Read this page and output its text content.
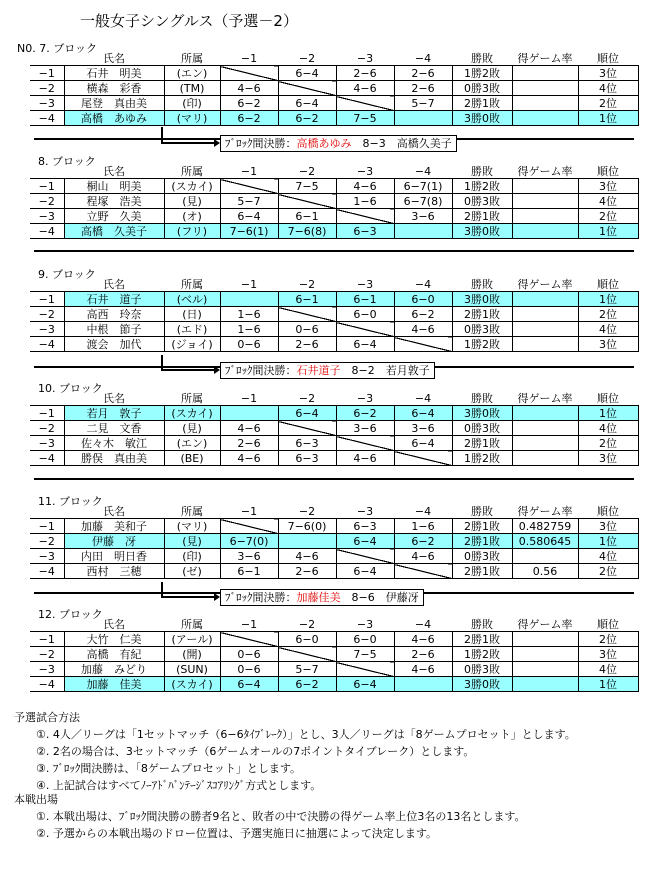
一般女子シングルス（予選－2）
N0. 7. ブロック
	氏名	所属	−1	−2	−3	−4	勝敗	得ゲーム率	順位
−1	石井　明美	(エン)		6−4	2−6	2−6	1勝2敗		3位
−2	横森　彩香	(TM)	4−6		4−6	2−6	0勝3敗		4位
−3	尾登　真由美	(印)	6−2	6−4		5−7	2勝1敗		2位
−4	高橋　あゆみ	(マリ)	6−2	6−2	7−5		3勝0敗		1位
8. ブロック
	氏名	所属	−1	−2	−3	−4	勝敗	得ゲーム率	順位
−1	桐山　明美	(スカイ)		7−5	4−6	6−7(1)	1勝2敗		3位
−2	程塚　浩美	(見)	5−7		1−6	6−7(8)	0勝3敗		4位
−3	立野　久美	(オ)	6−4	6−1		3−6	2勝1敗		2位
−4	高橋　久美子	(フリ)	7−6(1)	7−6(8)	6−3		3勝0敗		1位
9. ブロック
	氏名	所属	−1	−2	−3	−4	勝敗	得ゲーム率	順位
−1	石井　道子	(ベル)		6−1	6−1	6−0	3勝0敗		1位
−2	高西　玲奈	(日)	1−6		6−0	6−2	2勝1敗		2位
−3	中根　節子	(エド)	1−6	0−6		4−6	0勝3敗		4位
−4	渡会　加代	(ジョイ)	0−6	2−6	6−4		1勝2敗		3位
10. ブロック
	氏名	所属	−1	−2	−3	−4	勝敗	得ゲーム率	順位
−1	若月　敦子	(スカイ)		6−4	6−2	6−4	3勝0敗		1位
−2	二見　文香	(見)	4−6		3−6	3−6	0勝3敗		4位
−3	佐々木　敏江	(エン)	2−6	6−3		6−4	2勝1敗		2位
−4	勝俣　真由美	(BE)	4−6	6−3	4−6		1勝2敗		3位
11. ブロック
	氏名	所属	−1	−2	−3	−4	勝敗	得ゲーム率	順位
−1	加藤　美和子	(マリ)		7−6(0)	6−3	1−6	2勝1敗	0.482759	3位
−2	伊藤　冴	(見)	6−7(0)		6−4	6−2	2勝1敗	0.580645	1位
−3	内田　明日香	(印)	3−6	4−6		4−6	0勝3敗		4位
−4	西村　三穂	(ゼ)	6−1	2−6	6−4		2勝1敗	0.56	2位
12. ブロック
	氏名	所属	−1	−2	−3	−4	勝敗	得ゲーム率	順位
−1	大竹　仁美	(アール)		6−0	6−0	4−6	2勝1敗		2位
−2	高橋　有紀	(開)	0−6		7−5	2−6	1勝2敗		3位
−3	加藤　みどり	(SUN)	0−6	5−7		4−6	0勝3敗		4位
−4	加藤　佳美	(スカイ)	6−4	6−2	6−4		3勝0敗		1位
ﾌﾞﾛｯｸ間決勝：高橋あゆみ　8−3　高橋久美子
ﾌﾞﾛｯｸ間決勝：石井道子　8−2　若月敦子
ﾌﾞﾛｯｸ間決勝：加藤佳美　8−6　伊藤冴
予選試合方法
①. 4人／リーグは「1セットマッチ（6−6ﾀｲﾌﾞﾚｰｸ）」とし、3人／リーグは「8ゲームプロセット」とします。
②. 2名の場合は、3セットマッチ（6ゲームオールの7ポイントタイブレーク）とします。
③. ﾌﾞﾛｯｸ間決勝は、「8ゲームプロセット」とします。
④. 上記試合はすべてﾉｰｱﾄﾞﾊﾞﾝﾃｰｼﾞｽｺｱﾘﾝｸﾞ方式とします。
本戦出場
①. 本戦出場は、ﾌﾞﾛｯｸ間決勝の勝者9名と、敗者の中で決勝の得ゲーム率上位3名の13名とします。
②. 予選からの本戦出場のドロー位置は、予選実施日に抽選によって決定します。
